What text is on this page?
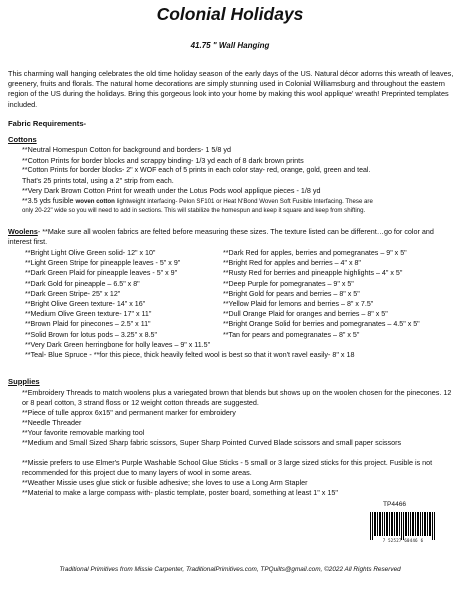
Colonial Holidays
41.75 " Wall Hanging
This charming wall hanging celebrates the old time holiday season of the early days of the US. Natural décor adorns this wreath of leaves, greenery, fruits and florals. The natural home decorations are simply stunning used in Colonial Williamsburg and throughout the eastern region of the US during the holidays. Bring this gorgeous look into your home by making this wool applique' wreath! Preprinted templates included.
Fabric Requirements-
Cottons
**Neutral Homespun Cotton for background and borders- 1 5/8 yd
**Cotton Prints for border blocks and scrappy binding- 1/3 yd each of 8 dark brown prints
**Cotton Prints for border blocks- 2" x WOF each of 5 prints in each color stay- red, orange, gold, green and teal.
That's 25 prints total, using a 2" strip from each.
**Very Dark Brown Cotton Print for wreath under the Lotus Pods wool applique pieces - 1/8 yd
**3.5 yds fusible woven cotton lightweight interfacing- Pelon SF101 or Heat N'Bond Woven Soft Fusible Interfacing. These are
only 20-22" wide so you will need to add in sections. This will stabilize the homespun and keep it square and keep from shifting.
Woolens- **Make sure all woolen fabrics are felted before measuring these sizes. The texture listed can be different…go for color and interest first.
**Bright Light Olive Green solid- 12" x 10"
**Light Green Stripe for pineapple leaves - 5" x 9"
**Dark Green Plaid for pineapple leaves - 5" x 9"
**Dark Gold for pineapple – 6.5" x 8"
**Dark Green Stripe- 25" x 12"
**Bright Olive Green texture- 14" x 16"
**Medium Olive Green texture- 17" x 11"
**Brown Plaid for pinecones – 2.5" x 11"
**Solid Brown for lotus pods – 3.25" x 8.5"
**Very Dark Green herringbone for holly leaves – 9" x 11.5"
**Dark Red for apples, berries and pomegranates – 9" x 5"
**Bright Red for apples and berries – 4" x 8"
**Rusty Red for berries and pineapple highlights – 4" x 5"
**Deep Purple for pomegranates – 9" x 5"
**Bright Gold for pears and berries – 8" x 5"
**Yellow Plaid for lemons and berries – 8" x 7.5"
**Dull Orange Plaid for oranges and berries – 8" x 5"
**Bright Orange Solid for berries and pomegranates – 4.5" x 5"
**Tan for pears and pomegranates – 8" x 5"
**Teal- Blue Spruce - **for this piece, thick heavily felted wool is best so that it won't ravel easily- 8" x 18
Supplies
**Embroidery Threads to match woolens plus a variegated brown that blends but shows up on the woolen chosen for the pinecones. 12 or 8 pearl cotton, 3 strand floss or 12 weight cotton threads are suggested.
**Piece of tulle approx 6x15" and permanent marker for embroidery
**Needle Threader
**Your favorite removable marking tool
**Medium and Small Sized Sharp fabric scissors, Super Sharp Pointed Curved Blade scissors and small paper scissors
**Missie prefers to use Elmer's Purple Washable School Glue Sticks - 5 small or 3 large sized sticks for this project. Fusible is not recommended for this project due to many layers of wool in some areas.
**Weather Missie uses glue stick or fusible adhesive; she loves to use a Long Arm Stapler
**Material to make a large compass with- plastic template, poster board, something at least 1" x 15"
TP4466
7 52527 60446 6
Traditional Primitives from Missie Carpenter, TraditionalPrimitives.com, TPQuilts@gmail.com, ©2022 All Rights Reserved
